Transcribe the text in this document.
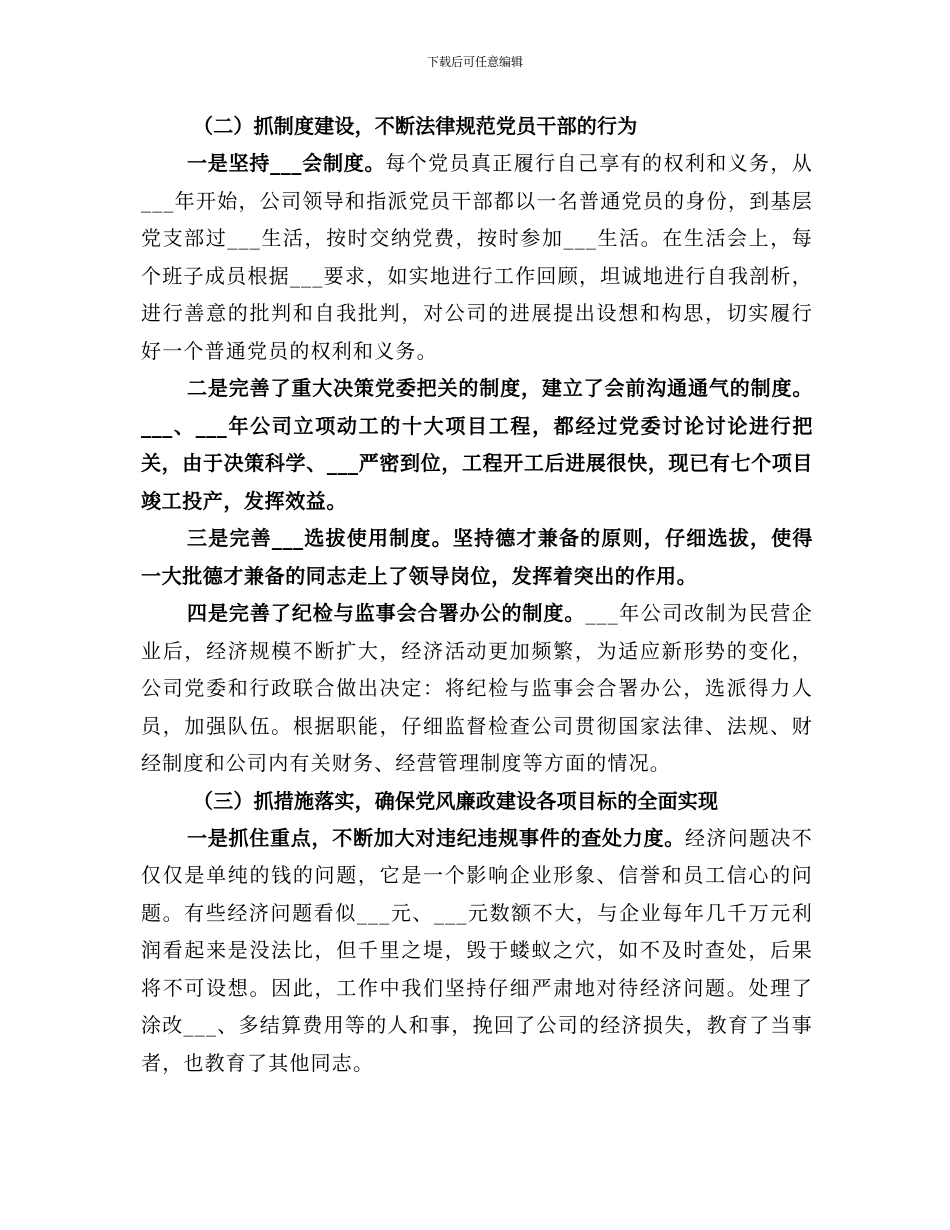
下载后可任意编辑

（二）抓制度建设，不断法律规范党员干部的行为

一是坚持___会制度。每个党员真正履行自己享有的权利和义务，从___年开始，公司领导和指派党员干部都以一名普通党员的身份，到基层党支部过___生活，按时交纳党费，按时参加___生活。在生活会上，每个班子成员根据___要求，如实地进行工作回顾，坦诚地进行自我剖析，进行善意的批判和自我批判，对公司的进展提出设想和构思，切实履行好一个普通党员的权利和义务。

二是完善了重大决策党委把关的制度，建立了会前沟通通气的制度。___、___年公司立项动工的十大项目工程，都经过党委讨论讨论进行把关，由于决策科学、___严密到位，工程开工后进展很快，现已有七个项目竣工投产，发挥效益。

三是完善___选拔使用制度。坚持德才兼备的原则，仔细选拔，使得一大批德才兼备的同志走上了领导岗位，发挥着突出的作用。

四是完善了纪检与监事会合署办公的制度。___年公司改制为民营企业后，经济规模不断扩大，经济活动更加频繁，为适应新形势的变化，公司党委和行政联合做出决定：将纪检与监事会合署办公，选派得力人员，加强队伍。根据职能，仔细监督检查公司贯彻国家法律、法规、财经制度和公司内有关财务、经营管理制度等方面的情况。

（三）抓措施落实，确保党风廉政建设各项目标的全面实现

一是抓住重点，不断加大对违纪违规事件的查处力度。经济问题决不仅仅是单纯的钱的问题，它是一个影响企业形象、信誉和员工信心的问题。有些经济问题看似___元、___元数额不大，与企业每年几千万元利润看起来是没法比，但千里之堤，毁于蝼蚁之穴，如不及时查处，后果将不可设想。因此，工作中我们坚持仔细严肃地对待经济问题。处理了涂改___、多结算费用等的人和事，挽回了公司的经济损失，教育了当事者，也教育了其他同志。
